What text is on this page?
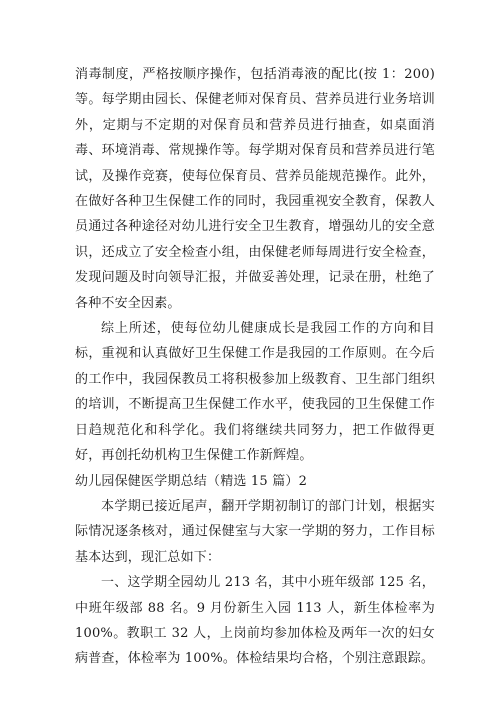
消毒制度，严格按顺序操作，包括消毒液的配比(按 1：200)等。每学期由园长、保健老师对保育员、营养员进行业务培训外，定期与不定期的对保育员和营养员进行抽查，如桌面消毒、环境消毒、常规操作等。每学期对保育员和营养员进行笔试，及操作竞赛，使每位保育员、营养员能规范操作。此外，在做好各种卫生保健工作的同时，我园重视安全教育，保教人员通过各种途径对幼儿进行安全卫生教育，增强幼儿的安全意识，还成立了安全检查小组，由保健老师每周进行安全检查，发现问题及时向领导汇报，并做妥善处理，记录在册，杜绝了各种不安全因素。

综上所述，使每位幼儿健康成长是我园工作的方向和目标，重视和认真做好卫生保健工作是我园的工作原则。在今后的工作中，我园保教员工将积极参加上级教育、卫生部门组织的培训，不断提高卫生保健工作水平，使我园的卫生保健工作日趋规范化和科学化。我们将继续共同努力，把工作做得更好，再创托幼机构卫生保健工作新辉煌。

幼儿园保健医学期总结（精选 15 篇）2

本学期已接近尾声，翻开学期初制订的部门计划，根据实际情况逐条核对，通过保健室与大家一学期的努力，工作目标基本达到，现汇总如下：

一、这学期全园幼儿 213 名，其中小班年级部 125 名，中班年级部 88 名。9 月份新生入园 113 人，新生体检率为 100%。教职工 32 人，上岗前均参加体检及两年一次的妇女病普查，体检率为 100%。体检结果均合格，个别注意跟踪。
